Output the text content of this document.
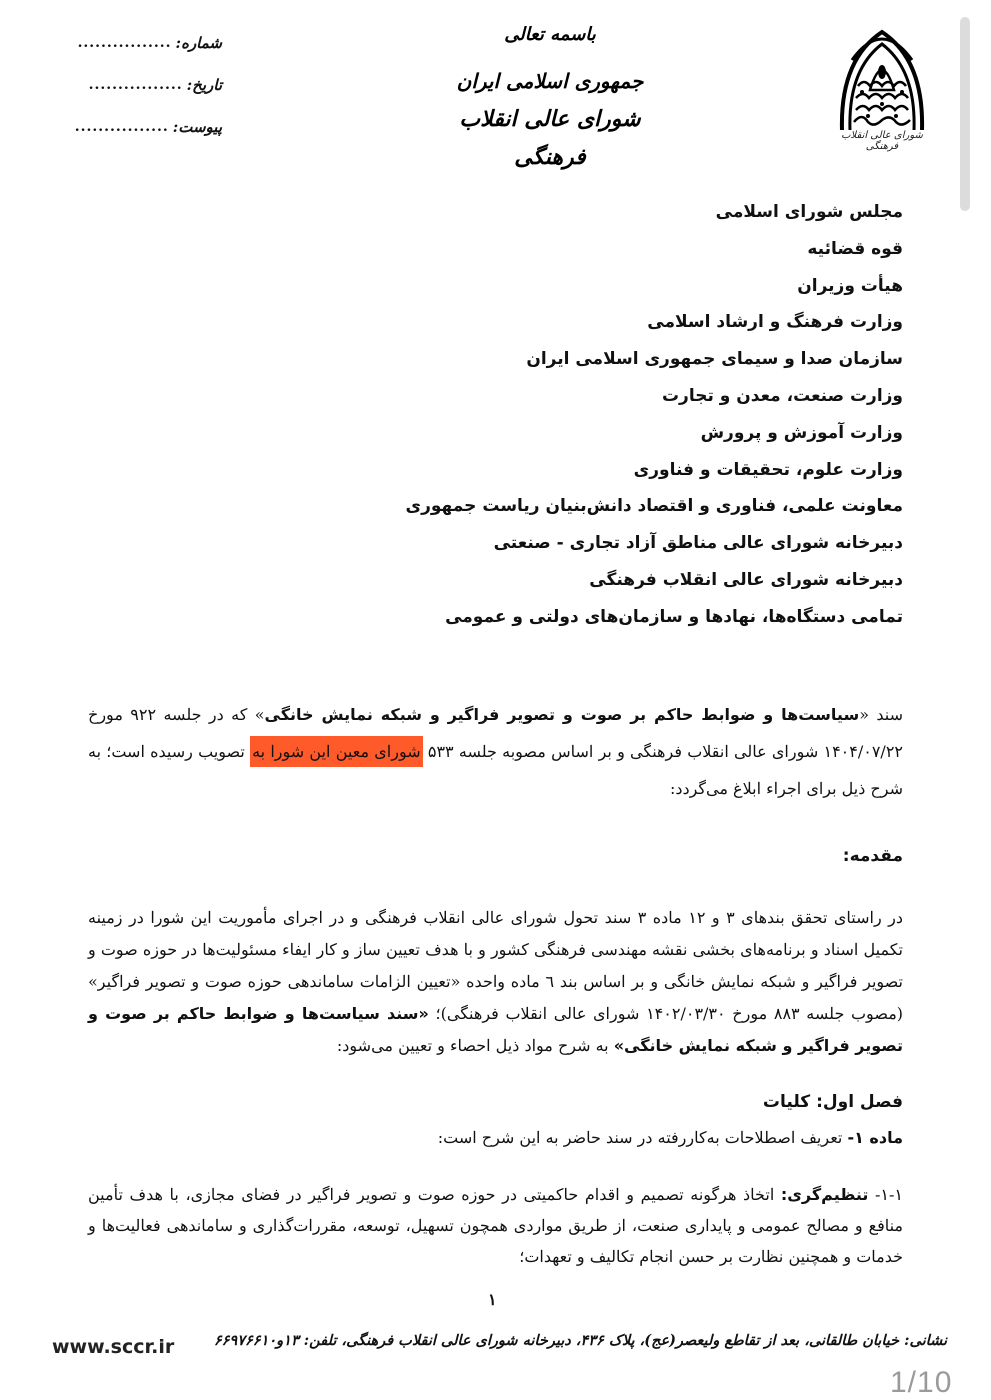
شماره:
................
تاریخ:
................
پیوست:
................
باسمه تعالی
جمهوری اسلامی ایران
شورای عالی انقلاب فرهنگی
شورای عالی انقلاب فرهنگی
مجلس شورای اسلامی
قوه قضائیه
هیأت وزیران
وزارت فرهنگ و ارشاد اسلامی
سازمان صدا و سیمای جمهوری اسلامی ایران
وزارت صنعت، معدن و تجارت
وزارت آموزش و پرورش
وزارت علوم، تحقیقات و فناوری
معاونت علمی، فناوری و اقتصاد دانش‌بنیان ریاست جمهوری
دبیرخانه شورای عالی مناطق آزاد تجاری - صنعتی
دبیرخانه شورای عالی انقلاب فرهنگی
تمامی دستگاه‌ها، نهادها و سازمان‌های دولتی و عمومی

سند «سیاست‌ها و ضوابط حاکم بر صوت و تصویر فراگیر و شبکه نمایش خانگی» که در جلسه ۹۲۲ مورخ ۱۴۰۴/۰۷/۲۲ شورای عالی انقلاب فرهنگی و بر اساس مصوبه جلسه ۵۳۳ شورای معین این شورا به تصویب رسیده است؛ به شرح ذیل برای اجراء ابلاغ می‌گردد:

مقدمه:

در راستای تحقق بندهای ۳ و ۱۲ ماده ۳ سند تحول شورای عالی انقلاب فرهنگی و در اجرای مأموریت این شورا در زمینه تکمیل اسناد و برنامه‌های بخشی نقشه مهندسی فرهنگی کشور و با هدف تعیین ساز و کار ایفاء مسئولیت‌ها در حوزه صوت و تصویر فراگیر و شبکه نمایش خانگی و بر اساس بند ٦ ماده واحده «تعیین الزامات ساماندهی حوزه صوت و تصویر فراگیر» (مصوب جلسه ۸۸۳ مورخ ۱۴۰۲/۰۳/۳۰ شورای عالی انقلاب فرهنگی)؛ «سند سیاست‌ها و ضوابط حاکم بر صوت و تصویر فراگیر و شبکه نمایش خانگی» به شرح مواد ذیل احصاء و تعیین می‌شود:

فصل اول: کلیات
ماده ۱- تعریف اصطلاحات به‌کاررفته در سند حاضر به این شرح است:

۱-۱- تنظیم‌گری: اتخاذ هرگونه تصمیم و اقدام حاکمیتی در حوزه صوت و تصویر فراگیر در فضای مجازی، با هدف تأمین منافع و مصالح عمومی و پایداری صنعت، از طریق مواردی همچون تسهیل، توسعه، مقررات‌گذاری و ساماندهی فعالیت‌ها و خدمات و همچنین نظارت بر حسن انجام تکالیف و تعهدات؛

۱
نشانی: خیابان طالقانی، بعد از تقاطع ولیعصر(عج)، پلاک ۴۳۶، دبیرخانه شورای عالی انقلاب فرهنگی، تلفن: ۱۳و۶۶۹۷۶۶۱۰
www.sccr.ir
1/10
